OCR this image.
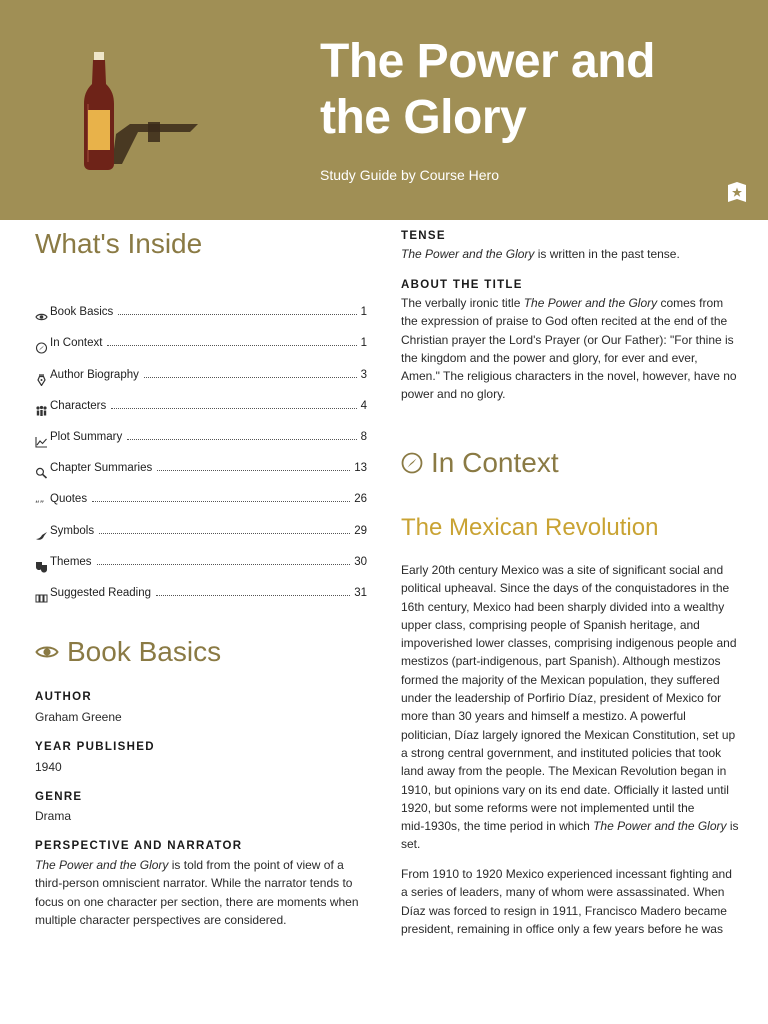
The Power and
the Glory
Study Guide by Course Hero
What's Inside
Book Basics	1
In Context	1
Author Biography	3
Characters	4
Plot Summary	8
Chapter Summaries	13
“” Quotes	26
Symbols	29
Themes	30
Suggested Reading	31
Book Basics
AUTHOR
Graham Greene
YEAR PUBLISHED
1940
GENRE
Drama
PERSPECTIVE AND NARRATOR
The Power and the Glory is told from the point of view of a
third-person omniscient narrator. While the narrator tends to
focus on one character per section, there are moments when
multiple character perspectives are considered.
TENSE
The Power and the Glory is written in the past tense.
ABOUT THE TITLE
The verbally ironic title The Power and the Glory comes from
the expression of praise to God often recited at the end of the
Christian prayer the Lord's Prayer (or Our Father): "For thine is
the kingdom and the power and glory, for ever and ever,
Amen." The religious characters in the novel, however, have no
power and no glory.
In Context
The Mexican Revolution
Early 20th century Mexico was a site of significant social and
political upheaval. Since the days of the conquistadores in the
16th century, Mexico had been sharply divided into a wealthy
upper class, comprising people of Spanish heritage, and
impoverished lower classes, comprising indigenous people and
mestizos (part-indigenous, part Spanish). Although mestizos
formed the majority of the Mexican population, they suffered
under the leadership of Porfirio Díaz, president of Mexico for
more than 30 years and himself a mestizo. A powerful
politician, Díaz largely ignored the Mexican Constitution, set up
a strong central government, and instituted policies that took
land away from the people. The Mexican Revolution began in
1910, but opinions vary on its end date. Officially it lasted until
1920, but some reforms were not implemented until the
mid-1930s, the time period in which The Power and the Glory is
set.
From 1910 to 1920 Mexico experienced incessant fighting and
a series of leaders, many of whom were assassinated. When
Díaz was forced to resign in 1911, Francisco Madero became
president, remaining in office only a few years before he was
